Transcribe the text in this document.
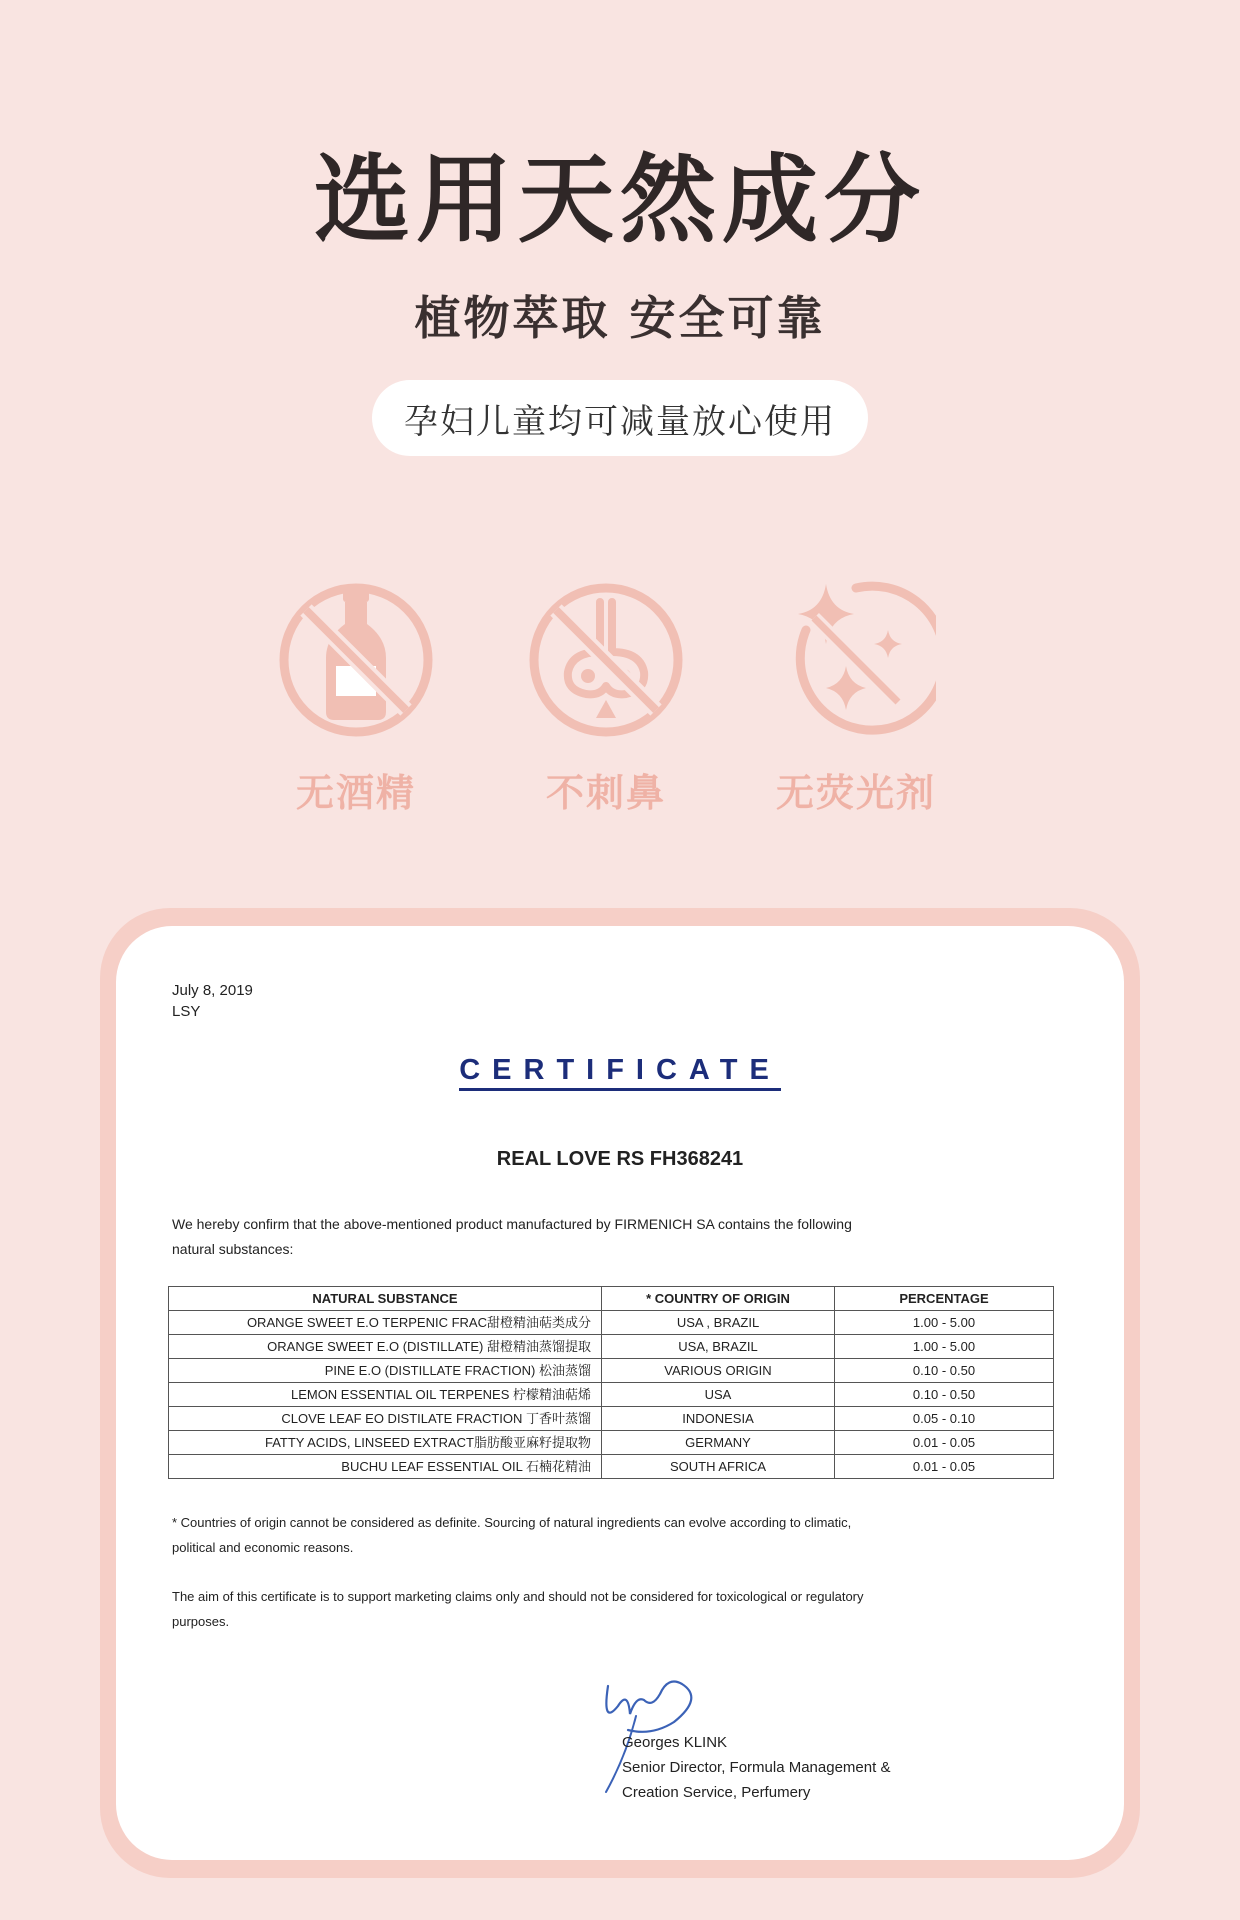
选用天然成分
植物萃取 安全可靠
孕妇儿童均可减量放心使用
无酒精	不刺鼻	无荧光剂
July 8, 2019
LSY
CERTIFICATE
REAL LOVE RS FH368241
We hereby confirm that the above-mentioned product manufactured by FIRMENICH SA contains the following natural substances:
NATURAL SUBSTANCE	* COUNTRY OF ORIGIN	PERCENTAGE
ORANGE SWEET E.O TERPENIC FRAC甜橙精油萜类成分	USA , BRAZIL	1.00 - 5.00
ORANGE SWEET E.O (DISTILLATE) 甜橙精油蒸馏提取	USA, BRAZIL	1.00 - 5.00
PINE E.O (DISTILLATE FRACTION) 松油蒸馏	VARIOUS ORIGIN	0.10 - 0.50
LEMON ESSENTIAL OIL TERPENES 柠檬精油萜烯	USA	0.10 - 0.50
CLOVE LEAF EO DISTILATE FRACTION 丁香叶蒸馏	INDONESIA	0.05 - 0.10
FATTY ACIDS, LINSEED EXTRACT脂肪酸亚麻籽提取物	GERMANY	0.01 - 0.05
BUCHU LEAF ESSENTIAL OIL 石楠花精油	SOUTH AFRICA	0.01 - 0.05
* Countries of origin cannot be considered as definite. Sourcing of natural ingredients can evolve according to climatic, political and economic reasons.
The aim of this certificate is to support marketing claims only and should not be considered for toxicological or regulatory purposes.
Georges KLINK
Senior Director, Formula Management &
Creation Service, Perfumery
